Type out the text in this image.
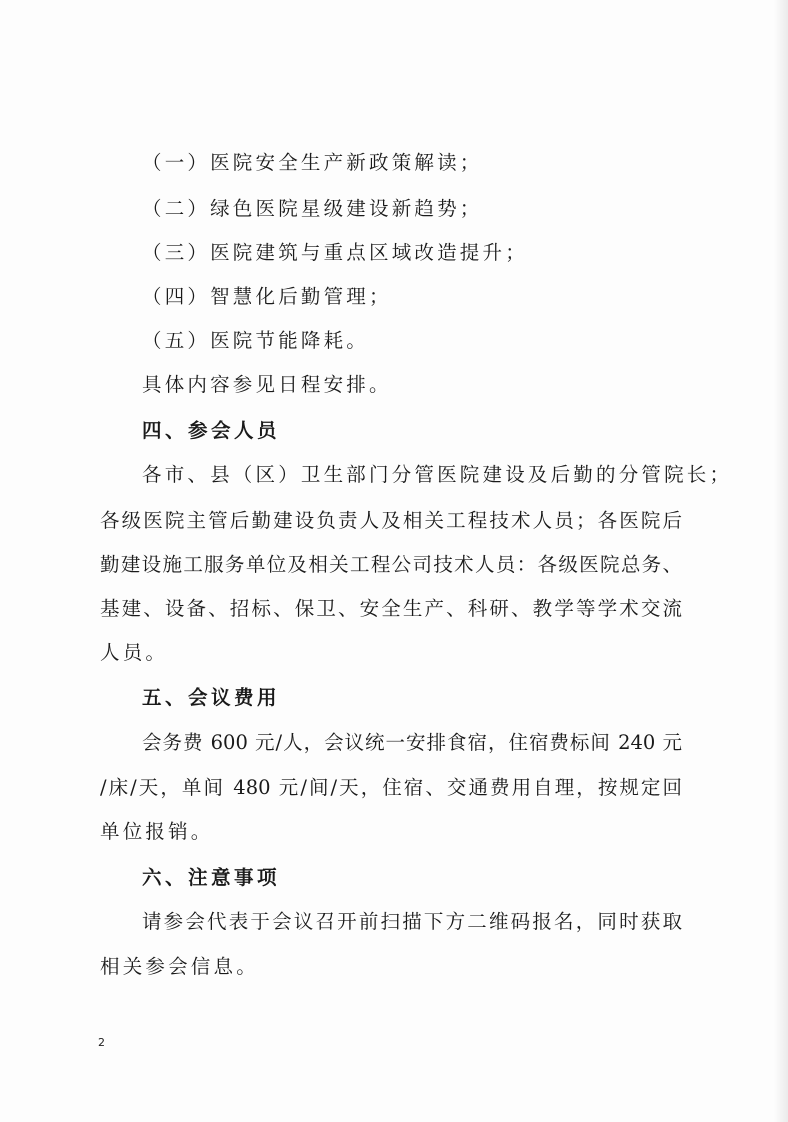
（一）医院安全生产新政策解读；
（二）绿色医院星级建设新趋势；
（三）医院建筑与重点区域改造提升；
（四）智慧化后勤管理；
（五）医院节能降耗。
具体内容参见日程安排。
四、参会人员
各市、县（区）卫生部门分管医院建设及后勤的分管院长；
各级医院主管后勤建设负责人及相关工程技术人员；各医院后
勤建设施工服务单位及相关工程公司技术人员：各级医院总务、
基建、设备、招标、保卫、安全生产、科研、教学等学术交流
人员。
五、会议费用
会务费 600 元/人，会议统一安排食宿，住宿费标间 240 元
/床/天，单间 480 元/间/天，住宿、交通费用自理，按规定回
单位报销。
六、注意事项
请参会代表于会议召开前扫描下方二维码报名，同时获取
相关参会信息。
2
